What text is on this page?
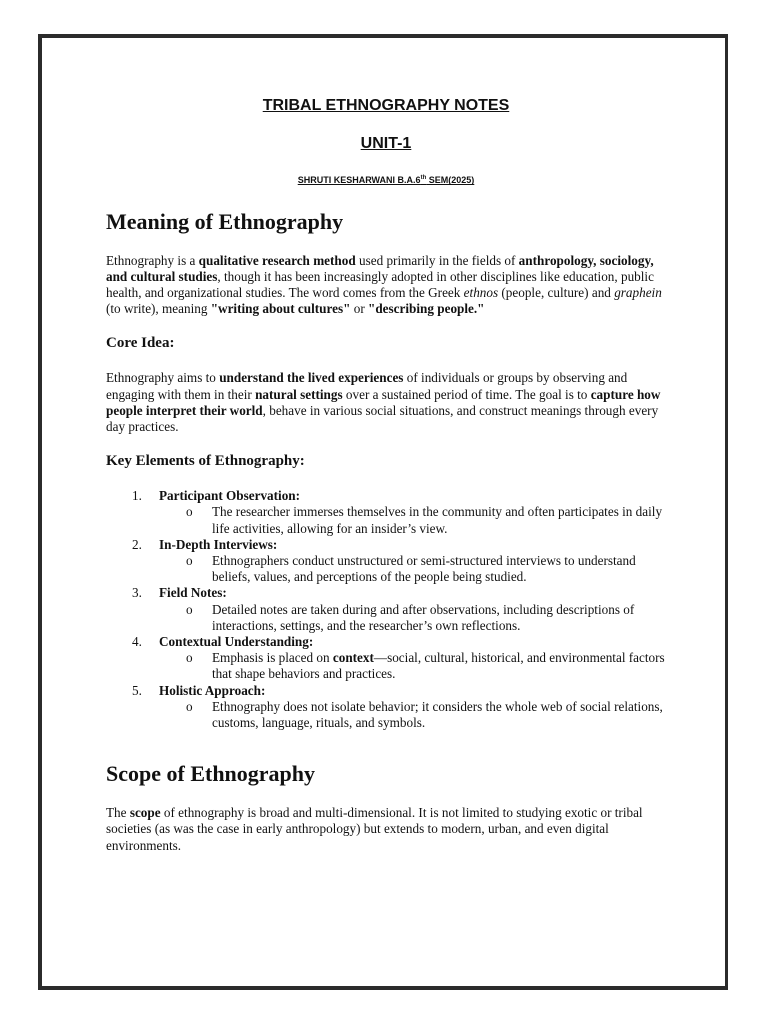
TRIBAL ETHNOGRAPHY NOTES

UNIT-1

SHRUTI KESHARWANI B.A.6th SEM(2025)

Meaning of Ethnography

Ethnography is a qualitative research method used primarily in the fields of anthropology, sociology, and cultural studies, though it has been increasingly adopted in other disciplines like education, public health, and organizational studies. The word comes from the Greek ethnos (people, culture) and graphein (to write), meaning "writing about cultures" or "describing people."

Core Idea:

Ethnography aims to understand the lived experiences of individuals or groups by observing and engaging with them in their natural settings over a sustained period of time. The goal is to capture how people interpret their world, behave in various social situations, and construct meanings through every day practices.

Key Elements of Ethnography:
1. Participant Observation:
o The researcher immerses themselves in the community and often participates in daily life activities, allowing for an insider’s view.
2. In-Depth Interviews:
o Ethnographers conduct unstructured or semi-structured interviews to understand beliefs, values, and perceptions of the people being studied.
3. Field Notes:
o Detailed notes are taken during and after observations, including descriptions of interactions, settings, and the researcher’s own reflections.
4. Contextual Understanding:
o Emphasis is placed on context—social, cultural, historical, and environmental factors that shape behaviors and practices.
5. Holistic Approach:
o Ethnography does not isolate behavior; it considers the whole web of social relations, customs, language, rituals, and symbols.
Scope of Ethnography

The scope of ethnography is broad and multi-dimensional. It is not limited to studying exotic or tribal societies (as was the case in early anthropology) but extends to modern, urban, and even digital environments.
